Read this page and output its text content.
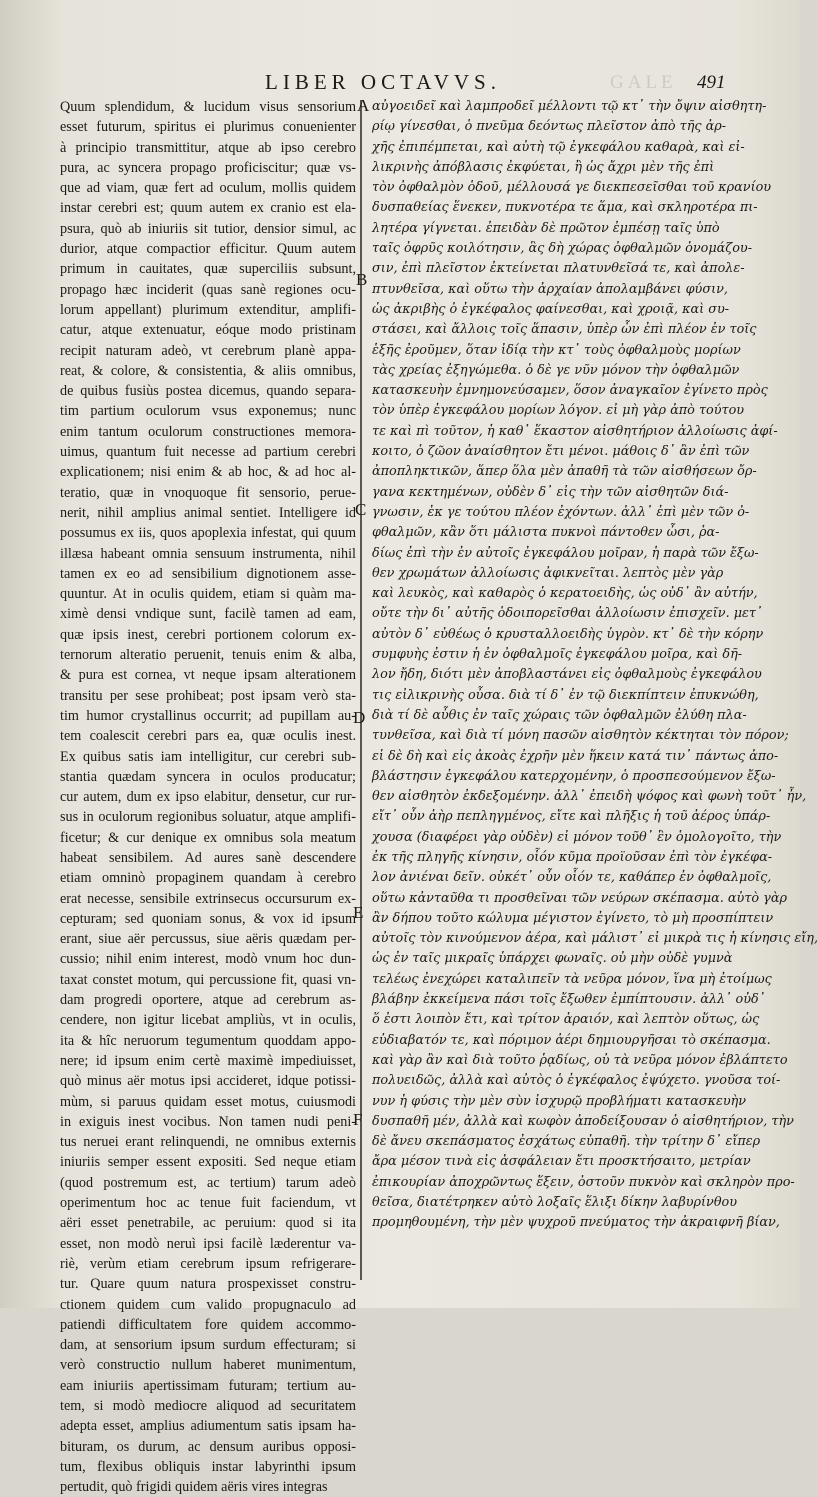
GALE
LIBER OCTAVVS.	491
Quum splendidum, & lucidum visus sensorium
esset futurum, spiritus ei plurimus conuenienter
à principio transmittitur, atque ab ipso cerebro
pura, ac syncera propago proficiscitur; quæ vs-
que ad viam, quæ fert ad oculum, mollis quidem
instar cerebri est; quum autem ex cranio est ela-
psura, quò ab iniuriis sit tutior, densior simul, ac
durior, atque compactior efficitur. Quum autem
primum in cauitates, quæ superciliis subsunt,
propago hæc inciderit (quas sanè regiones ocu-
lorum appellant) plurimum extenditur, amplifi-
catur, atque extenuatur, eóque modo pristinam
recipit naturam adeò, vt cerebrum planè appa-
reat, & colore, & consistentia, & aliis omnibus,
de quibus fusiùs postea dicemus, quando separa-
tim partium oculorum vsus exponemus; nunc
enim tantum oculorum constructiones memora-
uimus, quantum fuit necesse ad partium cerebri
explicationem; nisi enim & ab hoc, & ad hoc al-
teratio, quæ in vnoquoque fit sensorio, perue-
nerit, nihil amplius animal sentiet. Intelligere id
possumus ex iis, quos apoplexia infestat, qui quum
illæsa habeant omnia sensuum instrumenta, nihil
tamen ex eo ad sensibilium dignotionem asse-
quuntur. At in oculis quidem, etiam si quàm ma-
ximè densi vndique sunt, facilè tamen ad eam,
quæ ipsis inest, cerebri portionem colorum ex-
ternorum alteratio peruenit, tenuis enim & alba,
& pura est cornea, vt neque ipsam alterationem
transitu per sese prohibeat; post ipsam verò sta-
tim humor crystallinus occurrit; ad pupillam au-
tem coalescit cerebri pars ea, quæ oculis inest.
Ex quibus satis iam intelligitur, cur cerebri sub-
stantia quædam syncera in oculos producatur;
cur autem, dum ex ipso elabitur, densetur, cur rur-
sus in oculorum regionibus soluatur, atque amplifi-
ficetur; & cur denique ex omnibus sola meatum
habeat sensibilem. Ad aures sanè descendere
etiam omninò propaginem quandam à cerebro
erat necesse, sensibile extrinsecus occursurum ex-
cepturam; sed quoniam sonus, & vox id ipsum
erant, siue aër percussus, siue aëris quædam per-
cussio; nihil enim interest, modò vnum hoc dun-
taxat constet motum, qui percussione fit, quasi vn-
dam progredi oportere, atque ad cerebrum as-
cendere, non igitur licebat ampliùs, vt in oculis,
ita & hîc neruorum tegumentum quoddam appo-
nere; id ipsum enim certè maximè impediuisset,
quò minus aër motus ipsi accideret, idque potissi-
mùm, si paruus quidam esset motus, cuiusmodi
in exiguis inest vocibus. Non tamen nudi peni-
tus neruei erant relinquendi, ne omnibus externis
iniuriis semper essent expositi. Sed neque etiam
(quod postremum est, ac tertium) tarum adeò
operimentum hoc ac tenue fuit faciendum, vt
aëri esset penetrabile, ac peruium: quod si ita
esset, non modò neruì ipsi facilè læderentur va-
riè, verùm etiam cerebrum ipsum refrigerare-
tur. Quare quum natura prospexisset constru-
ctionem quidem cum valido propugnaculo ad
patiendi difficultatem fore quidem accommo-
dam, at sensorium ipsum surdum effecturam; si
verò constructio nullum haberet munimentum,
eam iniuriis apertissimam futuram; tertium au-
tem, si modò mediocre aliquod ad securitatem
adepta esset, amplius adiumentum satis ipsam ha-
bituram, os durum, ac densum auribus opposi-
tum, flexibus obliquis instar labyrinthi ipsum
pertudit, quò frigidi quidem aëris vires integras
αὐγοειδεῖ καὶ λαμπροδεῖ μέλλοντι τῷ κτ᾽ τὴν ὄψιν αἰσθητη-
ρίῳ γίνεσθαι, ὁ πνεῦμα δεόντως πλεῖστον ἀπὸ τῆς ἀρ-
χῆς ἐπιπέμπεται, καὶ αὐτὴ τῷ ἐγκεφάλου καθαρὰ, καὶ εἰ-
λικρινὴς ἀπόβλασις ἐκφύεται, ἢ ὡς ἄχρι μὲν τῆς ἐπὶ
τὸν ὀφθαλμὸν ὁδοῦ, μέλλουσά γε διεκπεσεῖσθαι τοῦ κρανίου
δυσπαθείας ἕνεκεν, πυκνοτέρα τε ἅμα, καὶ σκληροτέρα πι-
λητέρα γίγνεται. ἐπειδὰν δὲ πρῶτον ἐμπέσῃ ταῖς ὑπὸ
ταῖς ὀφρῦς κοιλότησιν, ἃς δὴ χώρας ὀφθαλμῶν ὀνομάζου-
σιν, ἐπὶ πλεῖστον ἐκτείνεται πλατυνθεῖσά τε, καὶ ἀπολε-
πτυνθεῖσα, καὶ οὕτω τὴν ἀρχαίαν ἀπολαμβάνει φύσιν,
ὡς ἀκριβὴς ὁ ἐγκέφαλος φαίνεσθαι, καὶ χροιᾷ, καὶ συ-
στάσει, καὶ ἄλλοις τοῖς ἅπασιν, ὑπὲρ ὧν ἐπὶ πλέον ἐν τοῖς
ἑξῆς ἐροῦμεν, ὅταν ἰδίᾳ τὴν κτ᾽ τοὺς ὀφθαλμοὺς μορίων
τὰς χρείας ἐξηγώμεθα. ὁ δὲ γε νῦν μόνον τὴν ὀφθαλμῶν
κατασκευὴν ἐμνημονεύσαμεν, ὅσον ἀναγκαῖον ἐγίνετο πρὸς
τὸν ὑπὲρ ἐγκεφάλου μορίων λόγον. εἰ μὴ γὰρ ἀπὸ τούτου
τε καὶ πὶ τοῦτον, ἡ καθ᾽ ἕκαστον αἰσθητήριον ἀλλοίωσις ἀφί-
κοιτο, ὁ ζῶον ἀναίσθητον ἔτι μένοι. μάθοις δ᾽ ἂν ἐπὶ τῶν
ἀποπληκτικῶν, ἅπερ ὅλα μὲν ἀπαθῆ τὰ τῶν αἰσθήσεων ὄρ-
γανα κεκτημένων, οὐδὲν δ᾽ εἰς τὴν τῶν αἰσθητῶν διά-
γνωσιν, ἐκ γε τούτου πλέον ἐχόντων. ἀλλ᾽ ἐπὶ μὲν τῶν ὀ-
φθαλμῶν, κἂν ὅτι μάλιστα πυκνοὶ πάντοθεν ὦσι, ῥα-
δίως ἐπὶ τὴν ἐν αὐτοῖς ἐγκεφάλου μοῖραν, ἡ παρὰ τῶν ἔξω-
θεν χρωμάτων ἀλλοίωσις ἀφικνεῖται. λεπτὸς μὲν γὰρ
καὶ λευκὸς, καὶ καθαρὸς ὁ κερατοειδὴς, ὡς οὐδ᾽ ἂν αὐτήν,
οὔτε τὴν δι᾽ αὐτῆς ὁδοιπορεῖσθαι ἀλλοίωσιν ἐπισχεῖν. μετ᾽
αὐτὸν δ᾽ εὐθέως ὁ κρυσταλλοειδὴς ὑγρὸν. κτ᾽ δὲ τὴν κόρην
συμφυὴς ἐστιν ἡ ἐν ὀφθαλμοῖς ἐγκεφάλου μοῖρα, καὶ δῆ-
λον ἤδη, διότι μὲν ἀποβλαστάνει εἰς ὀφθαλμοὺς ἐγκεφάλου
τις εἰλικρινὴς οὖσα. διὰ τί δ᾽ ἐν τῷ διεκπίπτειν ἐπυκνώθη,
διὰ τί δὲ αὖθις ἐν ταῖς χώραις τῶν ὀφθαλμῶν ἐλύθη πλα-
τυνθεῖσα, καὶ διὰ τί μόνη πασῶν αἰσθητὸν κέκτηται τὸν πόρον;
εἰ δὲ δὴ καὶ εἰς ἀκοὰς ἐχρῆν μὲν ἥκειν κατά τιν᾽ πάντως ἀπο-
βλάστησιν ἐγκεφάλου κατερχομένην, ὁ προσπεσούμενον ἔξω-
θεν αἰσθητὸν ἐκδεξομένην. ἀλλ᾽ ἐπειδὴ ψόφος καὶ φωνὴ τοῦτ᾽ ἦν,
εἴτ᾽ οὖν ἀὴρ πεπληγμένος, εἴτε καὶ πλῆξις ἡ τοῦ ἀέρος ὑπάρ-
χουσα (διαφέρει γὰρ οὐδὲν) εἰ μόνον τοῦθ᾽ ἓν ὁμολογοῖτο, τὴν
ἐκ τῆς πληγῆς κίνησιν, οἷόν κῦμα προϊοῦσαν ἐπὶ τὸν ἐγκέφα-
λον ἀνιέναι δεῖν. οὐκέτ᾽ οὖν οἷόν τε, καθάπερ ἐν ὀφθαλμοῖς,
οὕτω κἀνταῦθα τι προσθεῖναι τῶν νεύρων σκέπασμα. αὐτὸ γὰρ
ἂν δήπου τοῦτο κώλυμα μέγιστον ἐγίνετο, τὸ μὴ προσπίπτειν
αὐτοῖς τὸν κινούμενον ἀέρα, καὶ μάλιστ᾽ εἰ μικρὰ τις ἡ κίνησις εἴη,
ὡς ἐν ταῖς μικραῖς ὑπάρχει φωναῖς. οὐ μὴν οὐδὲ γυμνὰ
τελέως ἐνεχώρει καταλιπεῖν τὰ νεῦρα μόνον, ἵνα μὴ ἐτοίμως
βλάβην ἐκκείμενα πάσι τοῖς ἔξωθεν ἐμπίπτουσιν. ἀλλ᾽ οὐδ᾽
ὅ ἐστι λοιπὸν ἔτι, καὶ τρίτον ἀραιόν, καὶ λεπτὸν οὕτως, ὡς
εὐδιαβατόν τε, καὶ πόριμον ἀέρι δημιουργῆσαι τὸ σκέπασμα.
καὶ γὰρ ἂν καὶ διὰ τοῦτο ῥᾳδίως, οὐ τὰ νεῦρα μόνον ἐβλάπτετο
πολυειδῶς, ἀλλὰ καὶ αὐτὸς ὁ ἐγκέφαλος ἐψύχετο. γνοῦσα τοί-
νυν ἡ φύσις τὴν μὲν σὺν ἰσχυρῷ προβλήματι κατασκευὴν
δυσπαθῆ μέν, ἀλλὰ καὶ κωφὸν ἀποδείξουσαν ὁ αἰσθητήριον, τὴν
δὲ ἄνευ σκεπάσματος ἐσχάτως εὐπαθῆ. τὴν τρίτην δ᾽ εἴπερ
ἄρα μέσον τινὰ εἰς ἀσφάλειαν ἔτι προσκτήσαιτο, μετρίαν
ἐπικουρίαν ἀποχρῶντως ἕξειν, ὀστοῦν πυκνὸν καὶ σκληρὸν προ-
θεῖσα, διατέτρηκεν αὐτὸ λοξαῖς ἕλιξι δίκην λαβυρίνθου
προμηθουμένη, τὴν μὲν ψυχροῦ πνεύματος τὴν ἀκραιφνῆ βίαν,
A
B
C
D
E
F
